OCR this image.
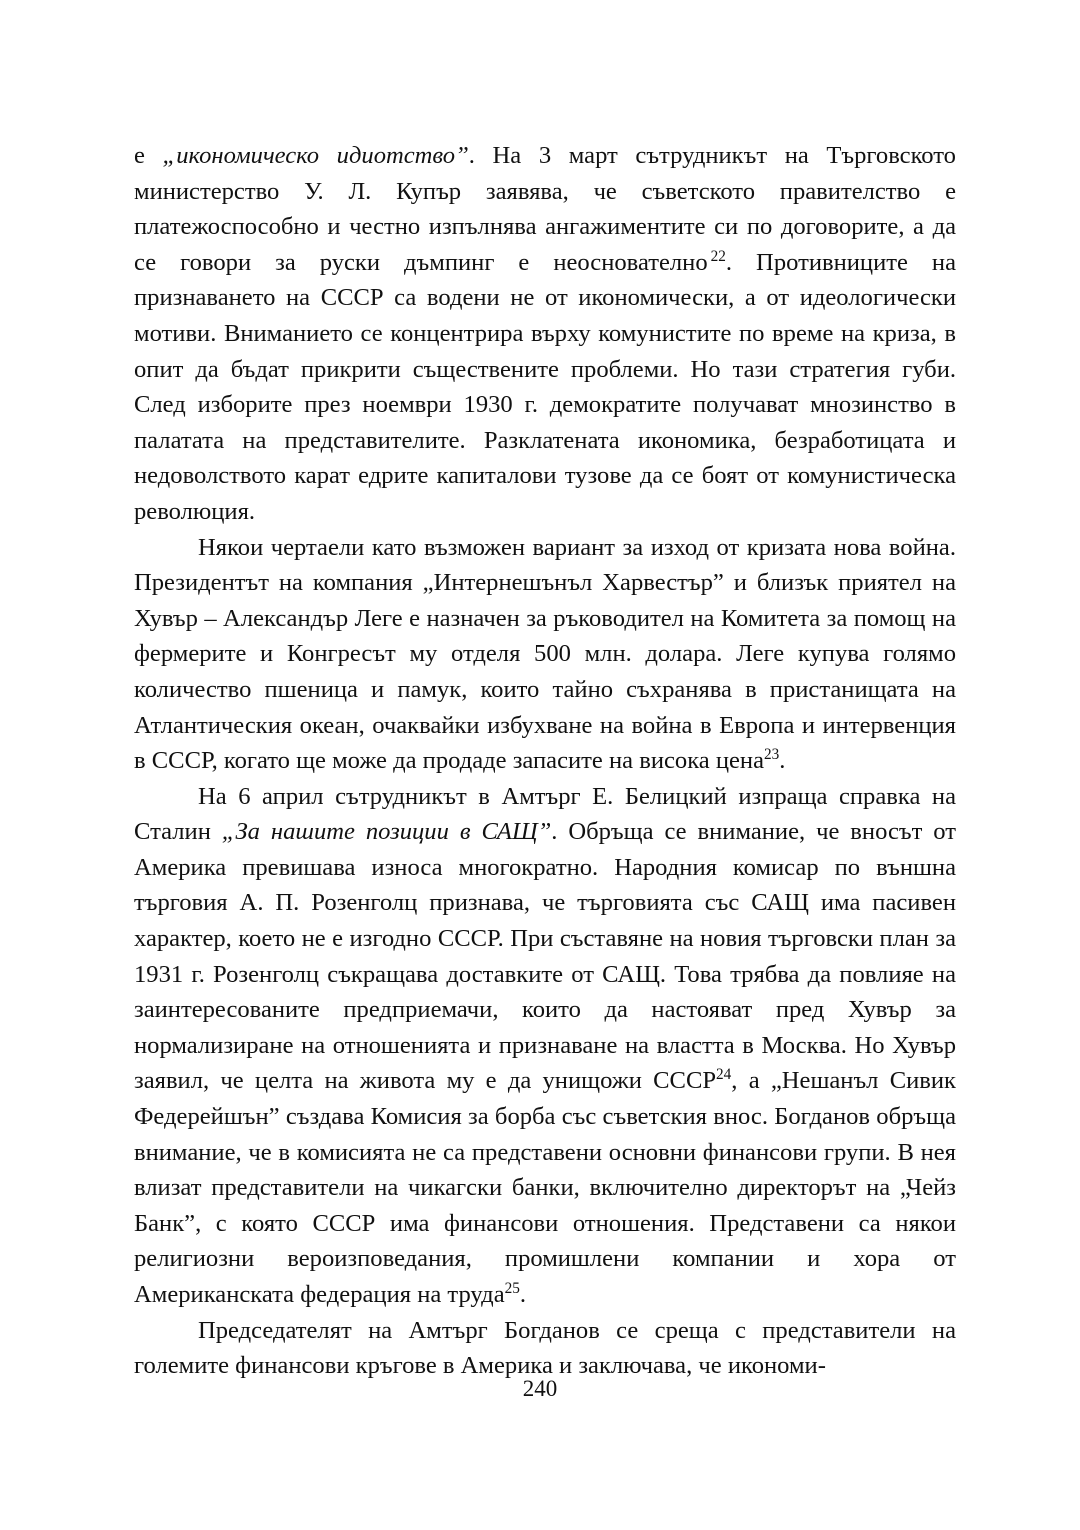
е „икономическо идиотство”. На 3 март сътрудникът на Търговското министерство У. Л. Купър заявява, че съветското правителство е платежоспособно и честно изпълнява ангажиментите си по договорите, а да се говори за руски дъмпинг е неоснователно $^{22}$. Противниците на признаването на СССР са водени не от икономически, а от идеологически мотиви. Вниманието се концентрира върху комунистите по време на криза, в опит да бъдат прикрити съществените проблеми. Но тази стратегия губи. След изборите през ноември 1930 г. демократите получават мнозинство в палатата на представителите. Разклатената икономика, безработицата и недоволството карат едрите капиталови тузове да се боят от комунистическа революция.

Някои чертаели като възможен вариант за изход от кризата нова война. Президентът на компания „Интернешънъл Харвестър” и близък приятел на Хувър – Александър Леге е назначен за ръководител на Комитета за помощ на фермерите и Конгресът му отделя 500 млн. долара. Леге купува голямо количество пшеница и памук, които тайно съхранява в пристанищата на Атлантическия океан, очаквайки избухване на война в Европа и интервенция в СССР, когато ще може да продаде запасите на висока цена$^{23}$.

На 6 април сътрудникът в Амтърг Е. Белицкий изпраща справка на Сталин „За нашите позиции в САЩ”. Обръща се внимание, че вносът от Америка превишава износа многократно. Народния комисар по външна търговия А. П. Розенголц признава, че търговията със САЩ има пасивен характер, което не е изгодно СССР. При съставяне на новия търговски план за 1931 г. Розенголц съкращава доставките от САЩ. Това трябва да повлияе на заинтересованите предприемачи, които да настояват пред Хувър за нормализиране на отношенията и признаване на властта в Москва. Но Хувър заявил, че целта на живота му е да унищожи СССР$^{24}$, а „Нешанъл Сивик Федерейшън” създава Комисия за борба със съветския внос. Богданов обръща внимание, че в комисията не са представени основни финансови групи. В нея влизат представители на чикагски банки, включително директорът на „Чейз Банк”, с която СССР има финансови отношения. Представени са някои религиозни вероизповедания, промишлени компании и хора от Американската федерация на труда$^{25}$.

Председателят на Амтърг Богданов се среща с представители на големите финансови кръгове в Америка и заключава, че икономи-

240
